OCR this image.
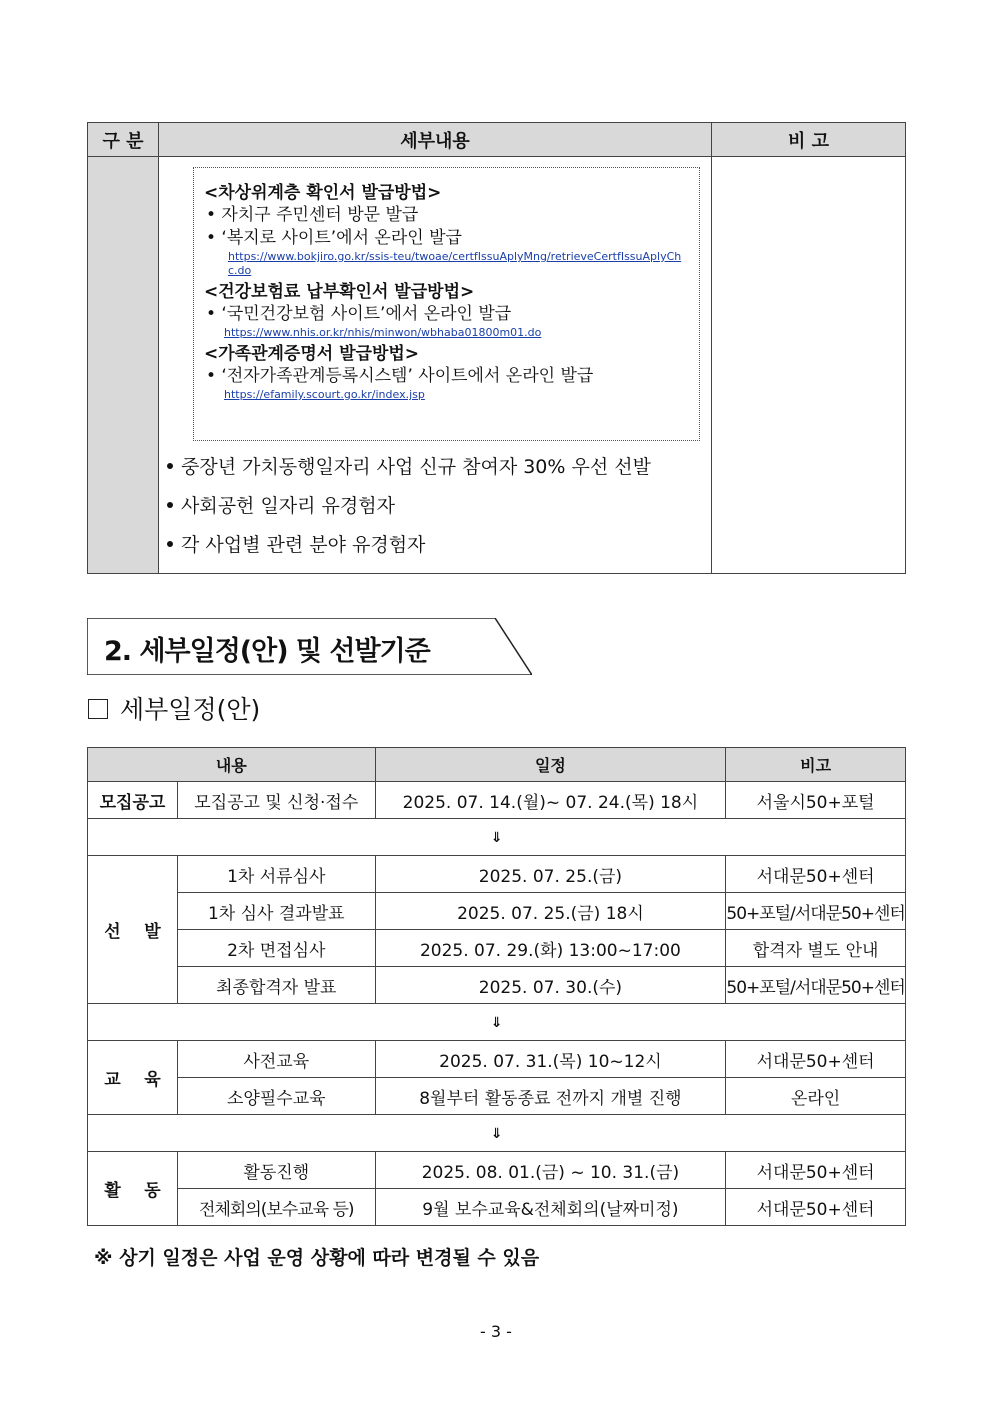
구 분	세부내용	비 고

	중장년 가치동행일자리 사업 신규 참여자 30% 우선 선발
사회공헌 일자리 유경험자
각 사업별 관련 분야 유경험자	

<차상위계층 확인서 발급방법>
• 자치구 주민센터 방문 발급
• ‘복지로 사이트’에서 온라인 발급
https://www.bokjiro.go.kr/ssis-teu/twoae/certfIssuAplyMng/retrieveCertfIssuAplyChc.do
<건강보험료 납부확인서 발급방법>
• ‘국민건강보험 사이트’에서 온라인 발급
https://www.nhis.or.kr/nhis/minwon/wbhaba01800m01.do
<가족관계증명서 발급방법>
• ‘전자가족관계등록시스템’ 사이트에서 온라인 발급
https://efamily.scourt.go.kr/index.jsp
2. 세부일정(안) 및 선발기준
세부일정(안)
내용		일정	비고
모집공고	모집공고 및 신청·접수	2025. 07. 14.(월)~ 07. 24.(목) 18시	서울시50+포털
⇓			
선    발	1차 서류심사	2025. 07. 25.(금)	서대문50+센터
	1차 심사 결과발표	2025. 07. 25.(금) 18시	50+포털/서대문50+센터
	2차 면접심사	2025. 07. 29.(화) 13:00~17:00	합격자 별도 안내
	최종합격자 발표	2025. 07. 30.(수)	50+포털/서대문50+센터
⇓			
교    육	사전교육	2025. 07. 31.(목) 10~12시	서대문50+센터
	소양필수교육	8월부터 활동종료 전까지 개별 진행	온라인
⇓			
활    동	활동진행	2025. 08. 01.(금) ~ 10. 31.(금)	서대문50+센터
	전체회의(보수교육 등)	9월 보수교육&전체회의(날짜미정)	서대문50+센터
※ 상기 일정은 사업 운영 상황에 따라 변경될 수 있음
- 3 -
